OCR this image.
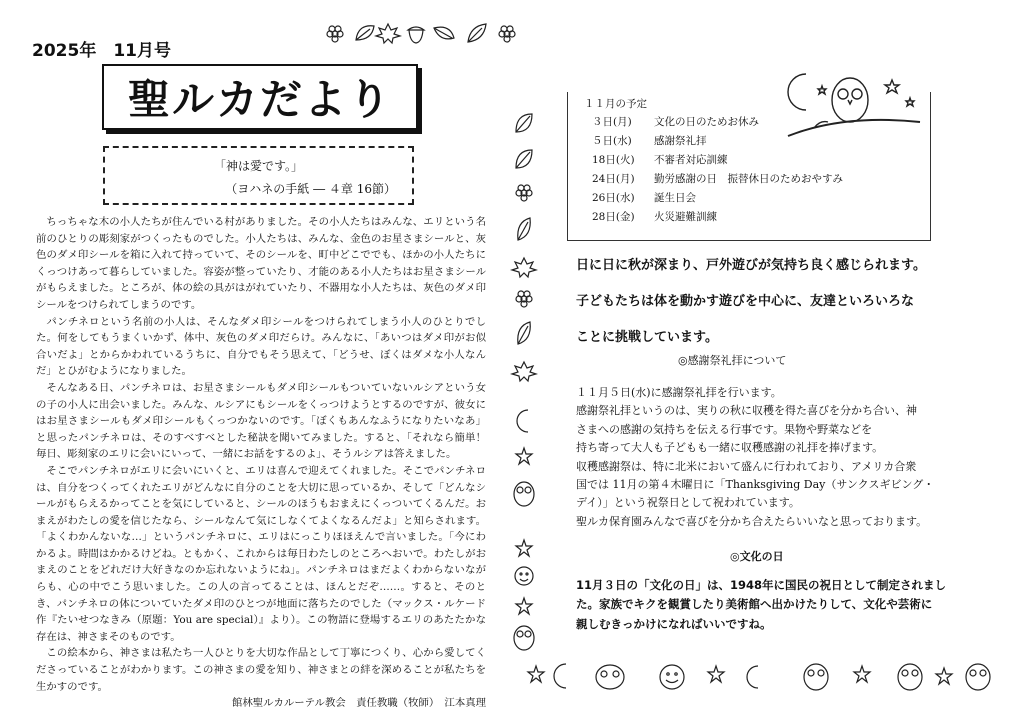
2025年　11月号
聖ルカだより
「神は愛です。」
（ヨハネの手紙 ― ４章 16節）

ちっちゃな木の小人たちが住んでいる村がありました。その小人たちはみんな、エリという名前のひとりの彫刻家がつくったものでした。小人たちは、みんな、金色のお星さまシールと、灰色のダメ印シールを箱に入れて持っていて、そのシールを、町中どこででも、ほかの小人たちにくっつけあって暮らしていました。容姿が整っていたり、才能のある小人たちはお星さまシールがもらえました。ところが、体の絵の具がはがれていたり、不器用な小人たちは、灰色のダメ印シールをつけられてしまうのです。

パンチネロという名前の小人は、そんなダメ印シールをつけられてしまう小人のひとりでした。何をしてもうまくいかず、体中、灰色のダメ印だらけ。みんなに、「あいつはダメ印がお似合いだよ」とからかわれているうちに、自分でもそう思えて、「どうせ、ぼくはダメな小人なんだ」とひがむようになりました。

そんなある日、パンチネロは、お星さまシールもダメ印シールもついていないルシアという女の子の小人に出会いました。みんな、ルシアにもシールをくっつけようとするのですが、彼女にはお星さまシールもダメ印シールもくっつかないのです。「ぼくもあんなふうになりたいなあ」と思ったパンチネロは、そのすべすべとした秘訣を聞いてみました。すると、「それなら簡単！毎日、彫刻家のエリに会いにいって、一緒にお話をするのよ」、そうルシアは答えました。

そこでパンチネロがエリに会いにいくと、エリは喜んで迎えてくれました。そこでパンチネロは、自分をつくってくれたエリがどんなに自分のことを大切に思っているか、そして「どんなシールがもらえるかってことを気にしていると、シールのほうもおまえにくっついてくるんだ。おまえがわたしの愛を信じたなら、シールなんて気にしなくてよくなるんだよ」と知らされます。「よくわかんないな…」というパンチネロに、エリはにっこりほほえんで言いました。「今にわかるよ。時間はかかるけどね。ともかく、これからは毎日わたしのところへおいで。わたしがおまえのことをどれだけ大好きなのか忘れないようにね」。パンチネロはまだよくわからないながらも、心の中でこう思いました。この人の言ってることは、ほんとだぞ……。すると、そのとき、パンチネロの体についていたダメ印のひとつが地面に落ちたのでした（マックス・ルケード作『たいせつなきみ（原題：You are special）』より）。この物語に登場するエリのあたたかな存在は、神さまそのものです。

この絵本から、神さまは私たち一人ひとりを大切な作品として丁寧につくり、心から愛してくださっていることがわかります。この神さまの愛を知り、神さまとの絆を深めることが私たちを生かすのです。

館林聖ルカルーテル教会　責任教職（牧師）　江本真理

１１月の予定
３日(月)	文化の日のためお休み
５日(水)	感謝祭礼拝
18日(火)	不審者対応訓練
24日(月)	勤労感謝の日　振替休日のためおやすみ
26日(水)	誕生日会
28日(金)	火災避難訓練
日に日に秋が深まり、戸外遊びが気持ち良く感じられます。
子どもたちは体を動かす遊びを中心に、友達といろいろな
ことに挑戦しています。
◎感謝祭礼拝について

１１月５日(水)に感謝祭礼拝を行います。

感謝祭礼拝というのは、実りの秋に収穫を得た喜びを分かち合い、神

さまへの感謝の気持ちを伝える行事です。果物や野菜などを

持ち寄って大人も子どもも一緒に収穫感謝の礼拝を捧げます。

収穫感謝祭は、特に北米において盛んに行われており、アメリカ合衆

国では 11月の第４木曜日に「Thanksgiving Day（サンクスギビング・

デイ）」という祝祭日として祝われています。

聖ルカ保育園みんなで喜びを分かち合えたらいいなと思っております。

◎文化の日
11月３日の「文化の日」は、1948年に国民の祝日として制定されまし
た。家族でキクを観賞したり美術館へ出かけたりして、文化や芸術に
親しむきっかけになればいいですね。
